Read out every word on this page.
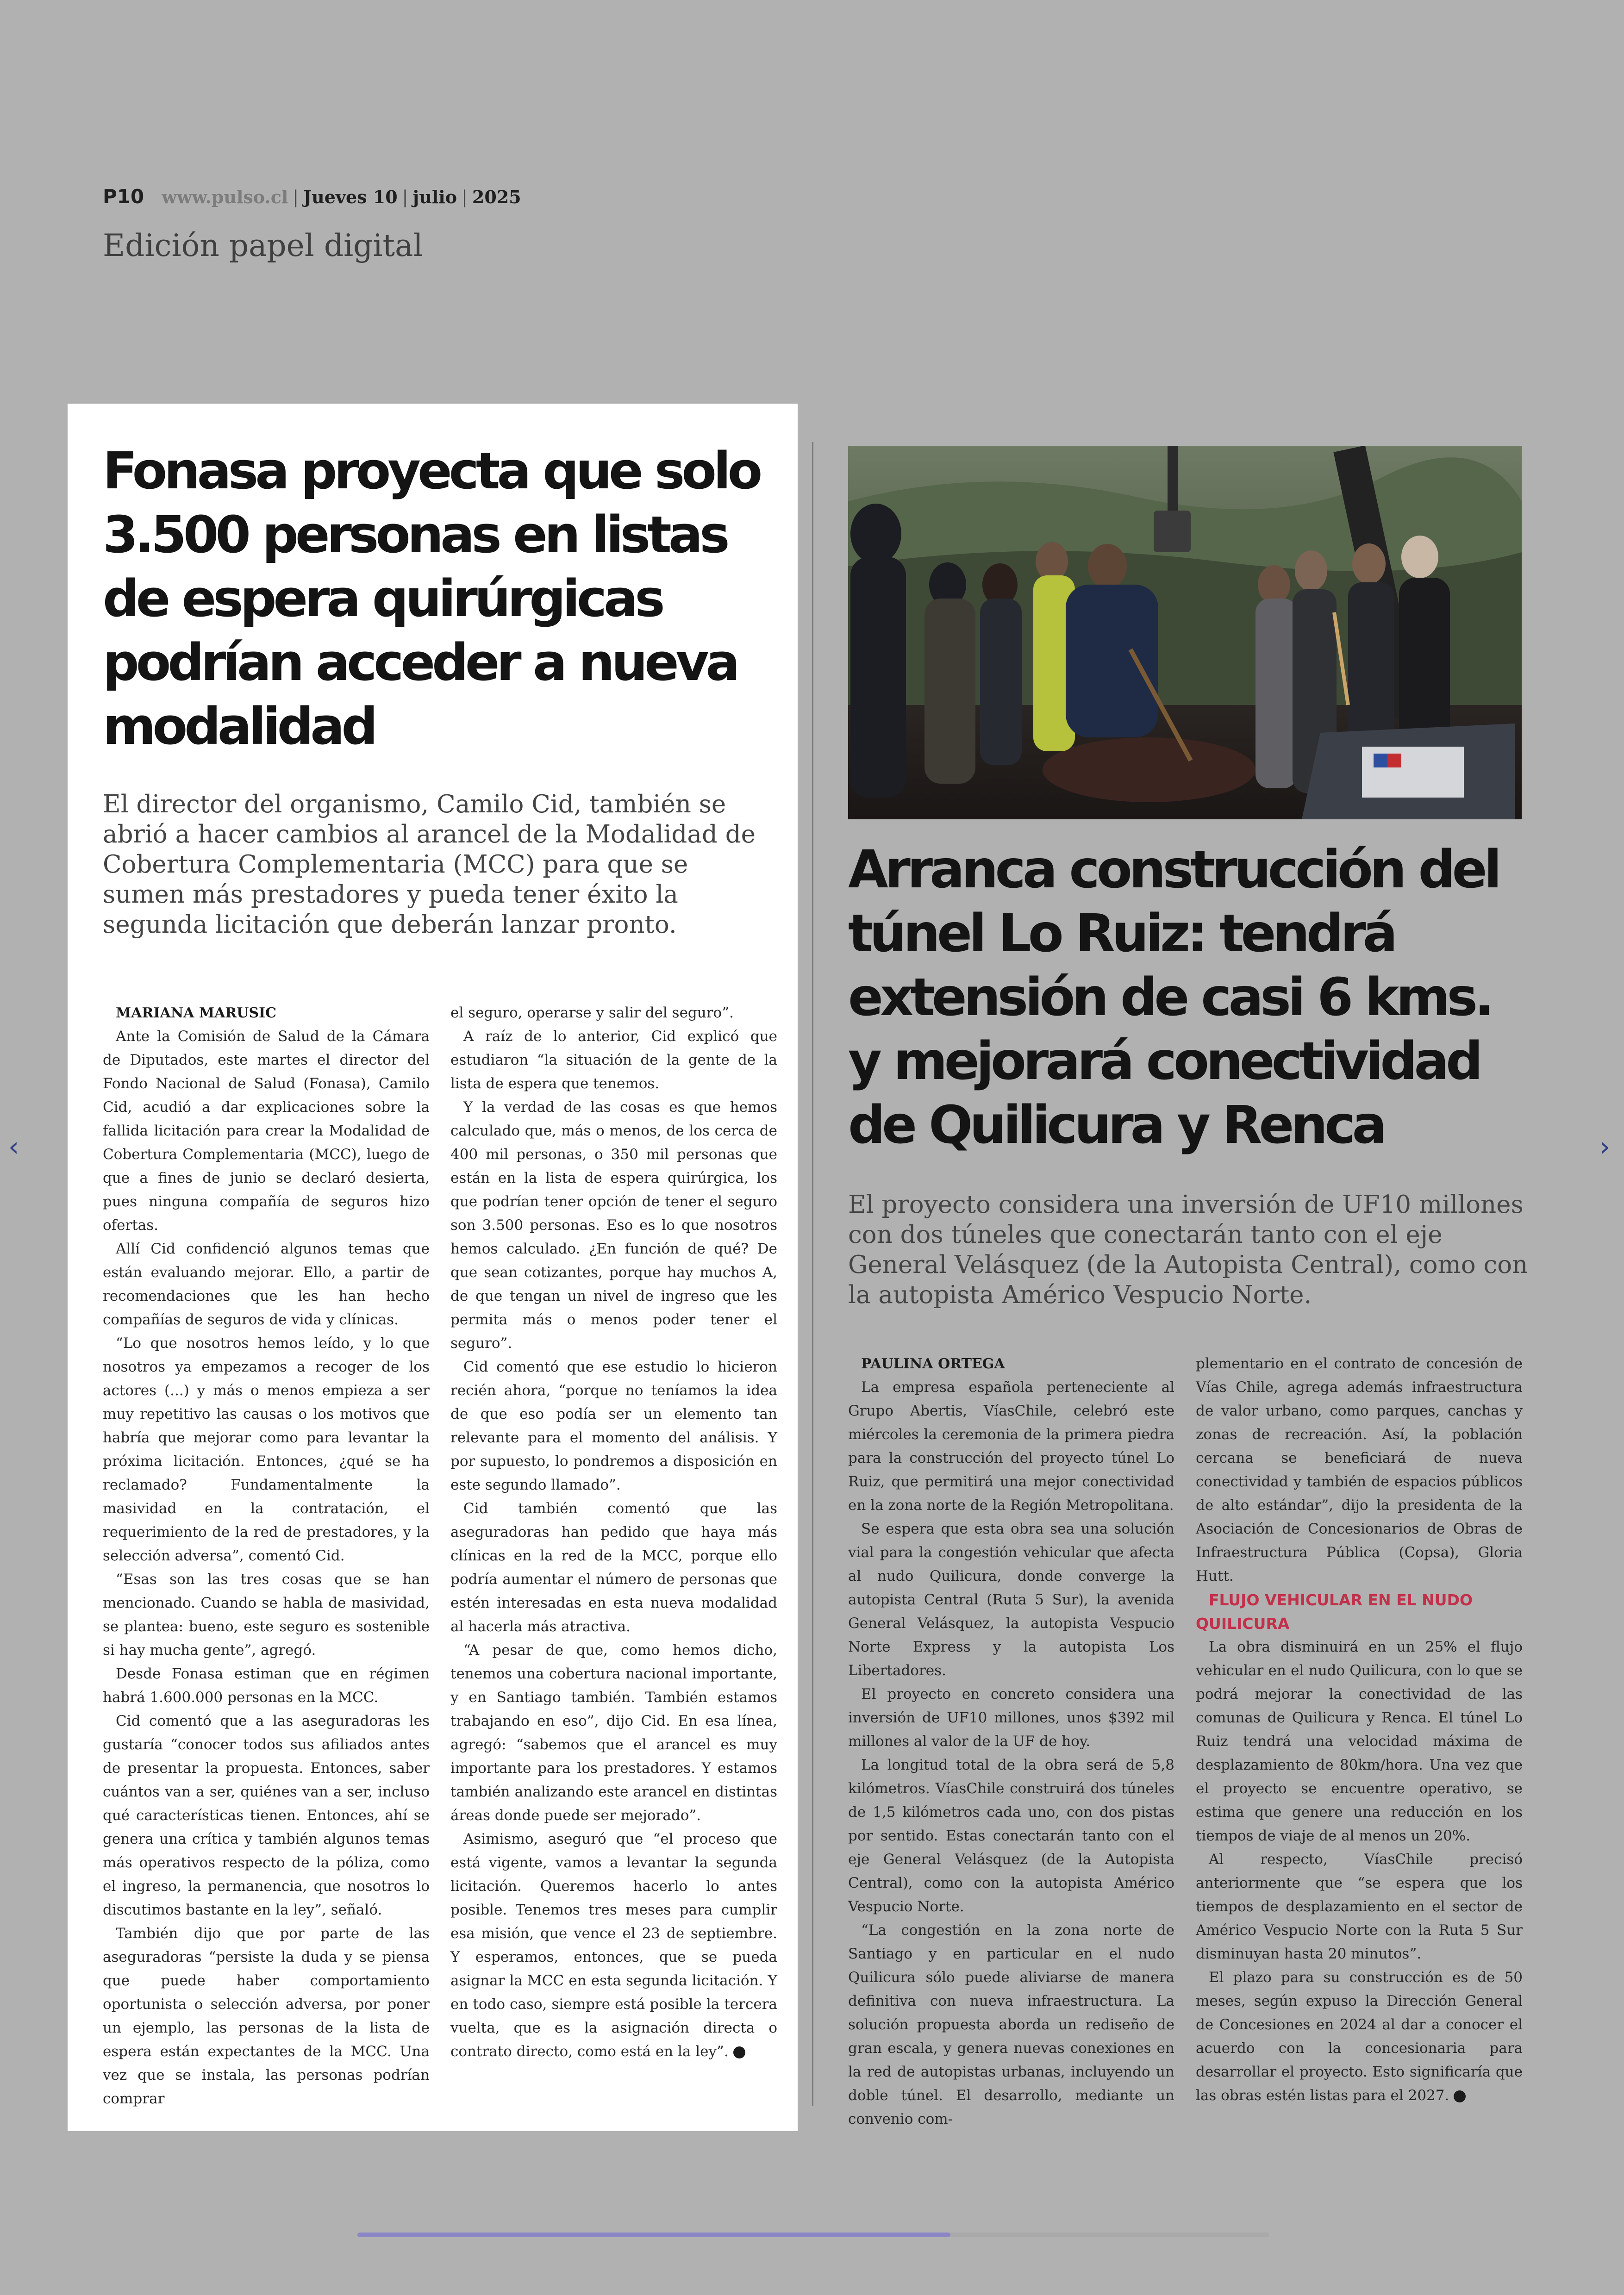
P10 www.pulso.cl | Jueves 10 | julio | 2025
Edición papel digital
Fonasa proyecta que solo 3.500 personas en listas de espera quirúrgicas podrían acceder a nueva modalidad

El director del organismo, Camilo Cid, también se abrió a hacer cambios al arancel de la Modalidad de Cobertura Complementaria (MCC) para que se sumen más prestadores y pueda tener éxito la segunda licitación que deberán lanzar pronto.

MARIANA MARUSIC

Ante la Comisión de Salud de la Cámara de Diputados, este martes el director del Fondo Nacional de Salud (Fonasa), Camilo Cid, acudió a dar explicaciones sobre la fallida licitación para crear la Modalidad de Cobertura Complementaria (MCC), luego de que a fines de junio se declaró desierta, pues ninguna compañía de seguros hizo ofertas.

Allí Cid confidenció algunos temas que están evaluando mejorar. Ello, a partir de recomendaciones que les han hecho compañías de seguros de vida y clínicas.

“Lo que nosotros hemos leído, y lo que nosotros ya empezamos a recoger de los actores (...) y más o menos empieza a ser muy repetitivo las causas o los motivos que habría que mejorar como para levantar la próxima licitación. Entonces, ¿qué se ha reclamado? Fundamentalmente la masividad en la contratación, el requerimiento de la red de prestadores, y la selección adversa”, comentó Cid.

“Esas son las tres cosas que se han mencionado. Cuando se habla de masividad, se plantea: bueno, este seguro es sostenible si hay mucha gente”, agregó.

Desde Fonasa estiman que en régimen habrá 1.600.000 personas en la MCC.

Cid comentó que a las aseguradoras les gustaría “conocer todos sus afiliados antes de presentar la propuesta. Entonces, saber cuántos van a ser, quiénes van a ser, incluso qué características tienen. Entonces, ahí se genera una crítica y también algunos temas más operativos respecto de la póliza, como el ingreso, la permanencia, que nosotros lo discutimos bastante en la ley”, señaló.

También dijo que por parte de las aseguradoras “persiste la duda y se piensa que puede haber comportamiento oportunista o selección adversa, por poner un ejemplo, las personas de la lista de espera están expectantes de la MCC. Una vez que se instala, las personas podrían comprar

el seguro, operarse y salir del seguro”.

A raíz de lo anterior, Cid explicó que estudiaron “la situación de la gente de la lista de espera que tenemos.

Y la verdad de las cosas es que hemos calculado que, más o menos, de los cerca de 400 mil personas, o 350 mil personas que están en la lista de espera quirúrgica, los que podrían tener opción de tener el seguro son 3.500 personas. Eso es lo que nosotros hemos calculado. ¿En función de qué? De que sean cotizantes, porque hay muchos A, de que tengan un nivel de ingreso que les permita más o menos poder tener el seguro”.

Cid comentó que ese estudio lo hicieron recién ahora, “porque no teníamos la idea de que eso podía ser un elemento tan relevante para el momento del análisis. Y por supuesto, lo pondremos a disposición en este segundo llamado”.

Cid también comentó que las aseguradoras han pedido que haya más clínicas en la red de la MCC, porque ello podría aumentar el número de personas que estén interesadas en esta nueva modalidad al hacerla más atractiva.

“A pesar de que, como hemos dicho, tenemos una cobertura nacional importante, y en Santiago también. También estamos trabajando en eso”, dijo Cid. En esa línea, agregó: “sabemos que el arancel es muy importante para los prestadores. Y estamos también analizando este arancel en distintas áreas donde puede ser mejorado”.

Asimismo, aseguró que “el proceso que está vigente, vamos a levantar la segunda licitación. Queremos hacerlo lo antes posible. Tenemos tres meses para cumplir esa misión, que vence el 23 de septiembre. Y esperamos, entonces, que se pueda asignar la MCC en esta segunda licitación. Y en todo caso, siempre está posible la tercera vuelta, que es la asignación directa o contrato directo, como está en la ley”.

Arranca construcción del túnel Lo Ruiz: tendrá extensión de casi 6 kms. y mejorará conectividad de Quilicura y Renca

El proyecto considera una inversión de UF10 millones con dos túneles que conectarán tanto con el eje General Velásquez (de la Autopista Central), como con la autopista Américo Vespucio Norte.

PAULINA ORTEGA

La empresa española perteneciente al Grupo Abertis, VíasChile, celebró este miércoles la ceremonia de la primera piedra para la construcción del proyecto túnel Lo Ruiz, que permitirá una mejor conectividad en la zona norte de la Región Metropolitana.

Se espera que esta obra sea una solución vial para la congestión vehicular que afecta al nudo Quilicura, donde converge la autopista Central (Ruta 5 Sur), la avenida General Velásquez, la autopista Vespucio Norte Express y la autopista Los Libertadores.

El proyecto en concreto considera una inversión de UF10 millones, unos $392 mil millones al valor de la UF de hoy.

La longitud total de la obra será de 5,8 kilómetros. VíasChile construirá dos túneles de 1,5 kilómetros cada uno, con dos pistas por sentido. Estas conectarán tanto con el eje General Velásquez (de la Autopista Central), como con la autopista Américo Vespucio Norte.

“La congestión en la zona norte de Santiago y en particular en el nudo Quilicura sólo puede aliviarse de manera definitiva con nueva infraestructura. La solución propuesta aborda un rediseño de gran escala, y genera nuevas conexiones en la red de autopistas urbanas, incluyendo un doble túnel. El desarrollo, mediante un convenio com-

plementario en el contrato de concesión de Vías Chile, agrega además infraestructura de valor urbano, como parques, canchas y zonas de recreación. Así, la población cercana se beneficiará de nueva conectividad y también de espacios públicos de alto estándar”, dijo la presidenta de la Asociación de Concesionarios de Obras de Infraestructura Pública (Copsa), Gloria Hutt.

FLUJO VEHICULAR EN EL NUDO QUILICURA

La obra disminuirá en un 25% el flujo vehicular en el nudo Quilicura, con lo que se podrá mejorar la conectividad de las comunas de Quilicura y Renca. El túnel Lo Ruiz tendrá una velocidad máxima de desplazamiento de 80km/hora. Una vez que el proyecto se encuentre operativo, se estima que genere una reducción en los tiempos de viaje de al menos un 20%.

Al respecto, VíasChile precisó anteriormente que “se espera que los tiempos de desplazamiento en el sector de Américo Vespucio Norte con la Ruta 5 Sur disminuyan hasta 20 minutos”.

El plazo para su construcción es de 50 meses, según expuso la Dirección General de Concesiones en 2024 al dar a conocer el acuerdo con la concesionaria para desarrollar el proyecto. Esto significaría que las obras estén listas para el 2027.

‹	›
